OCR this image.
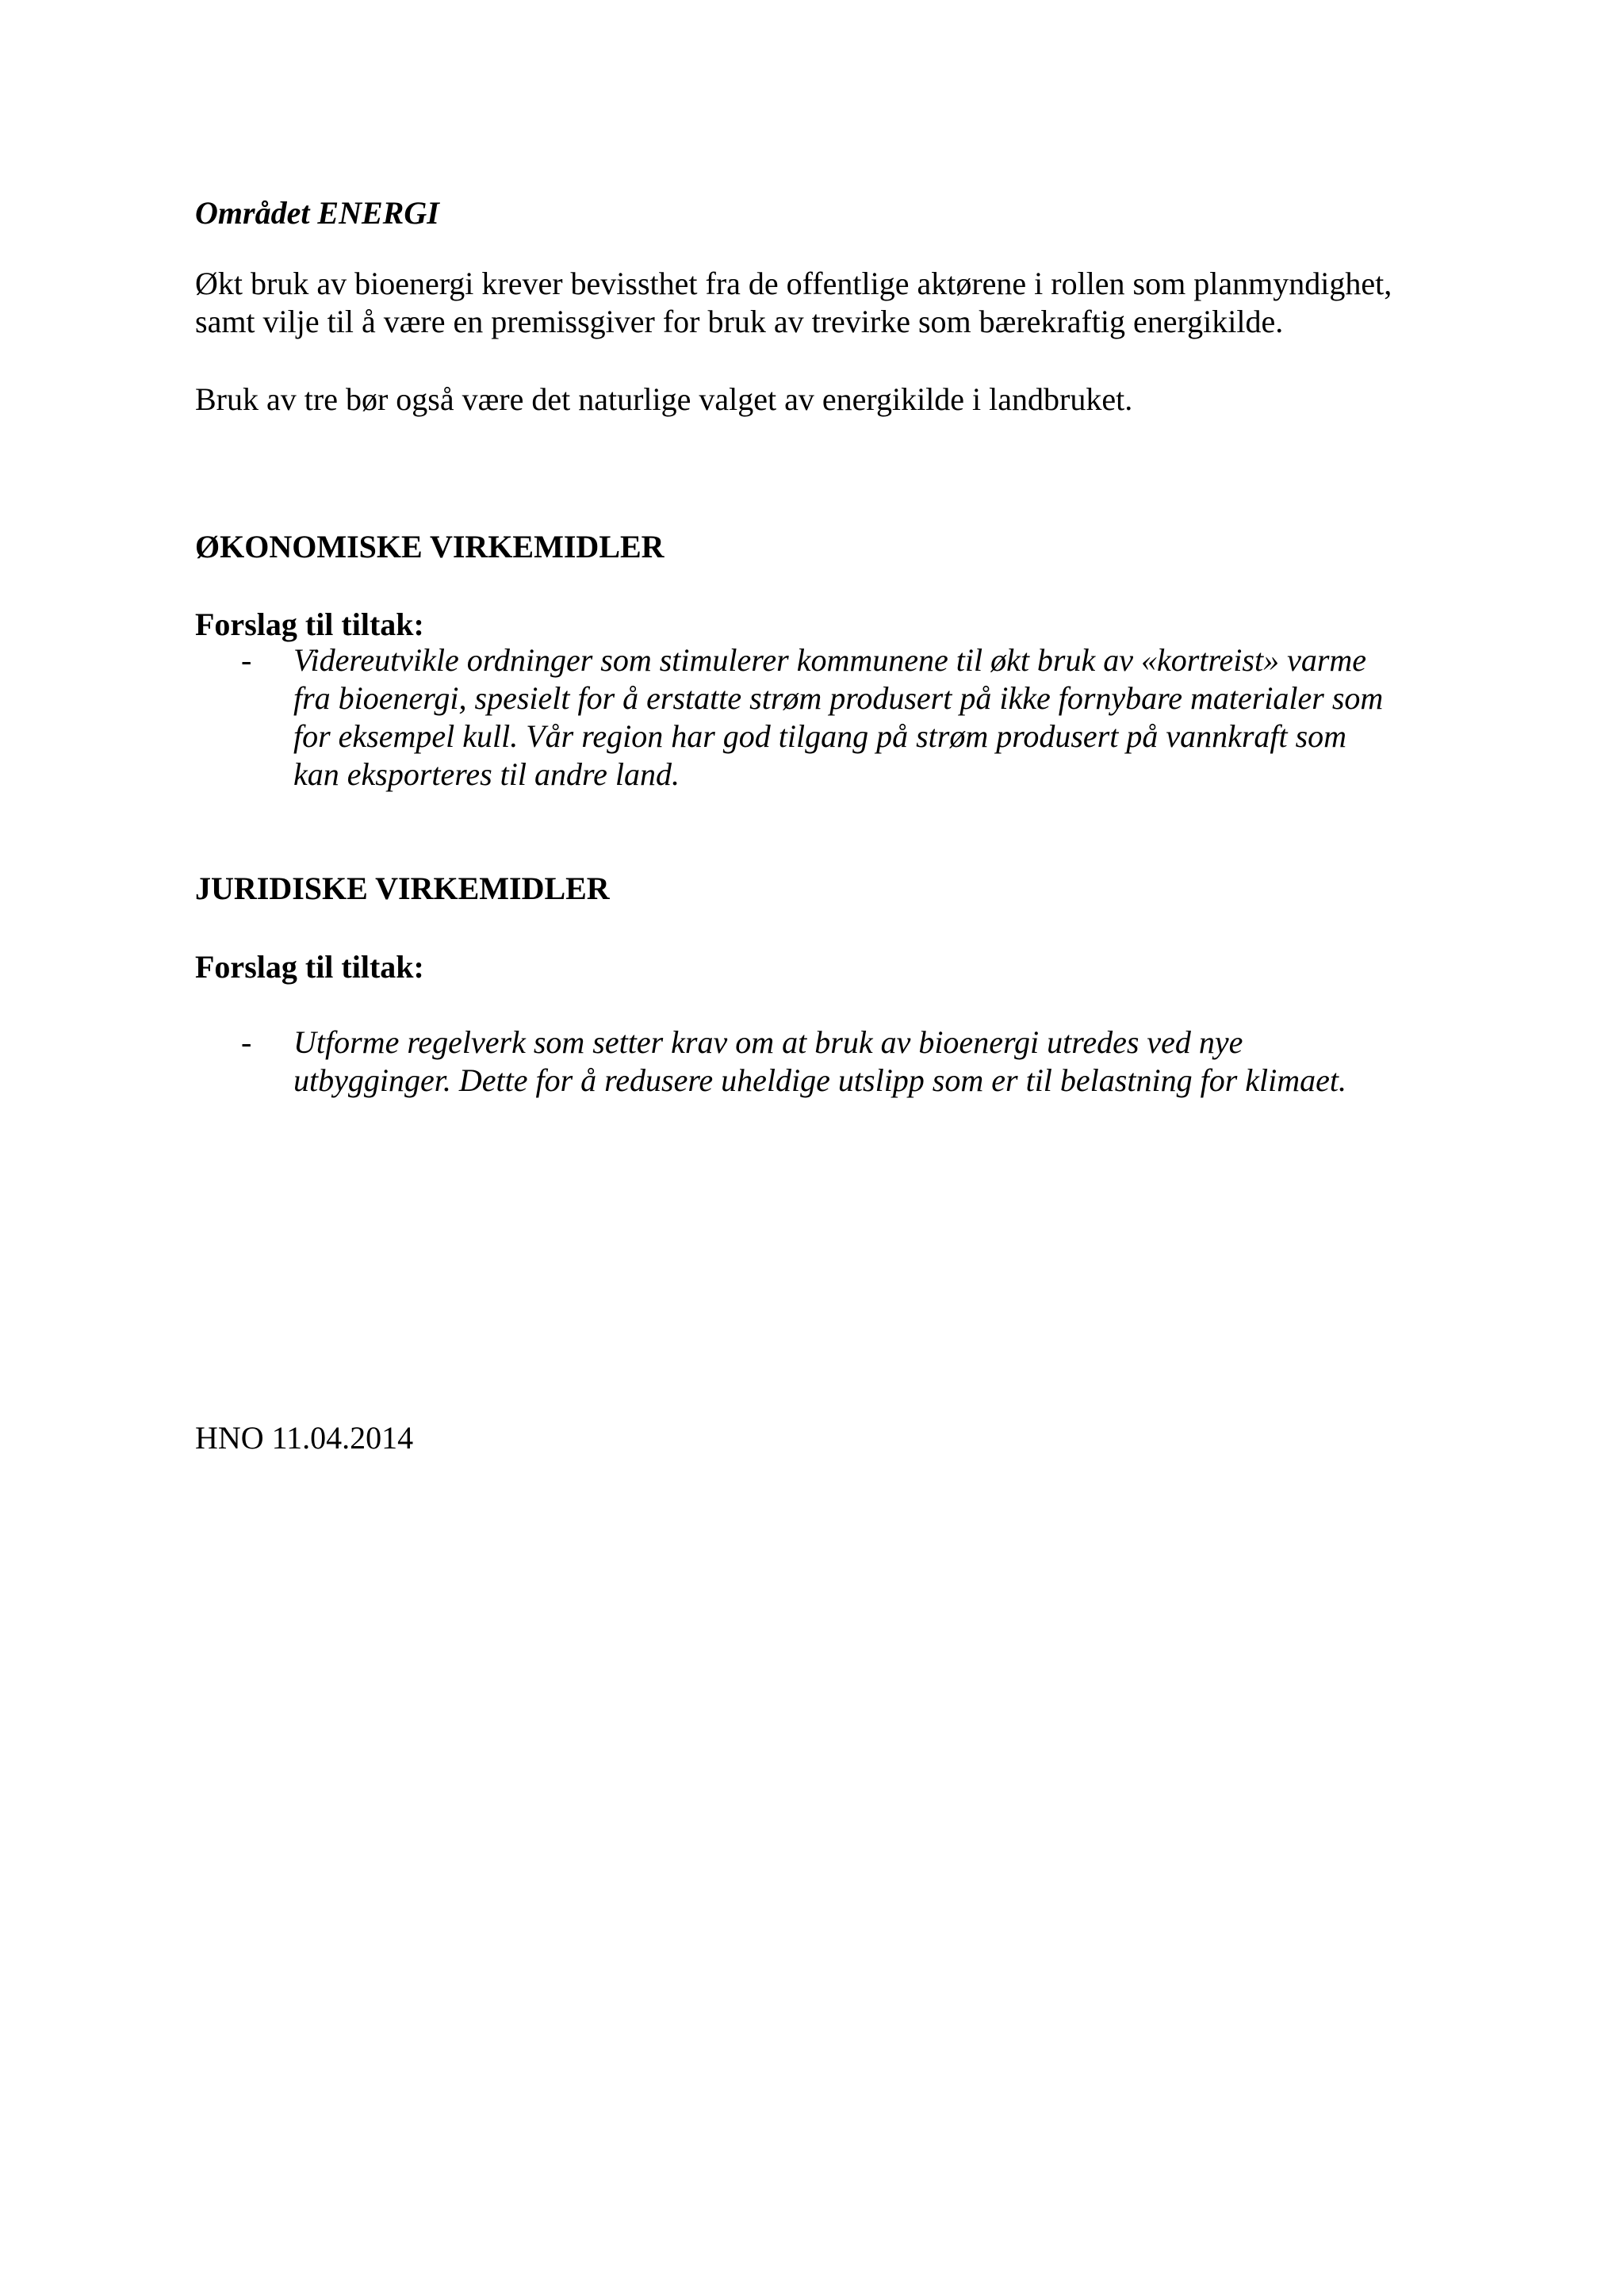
Området ENERGI

Økt bruk av bioenergi krever bevissthet fra de offentlige aktørene i rollen som planmyndighet,
samt vilje til å være en premissgiver for bruk av trevirke som bærekraftig energikilde.

Bruk av tre bør også være det naturlige valget av energikilde i landbruket.

ØKONOMISKE VIRKEMIDLER

Forslag til tiltak:

- Videreutvikle ordninger som stimulerer kommunene til økt bruk av «kortreist» varme
fra bioenergi, spesielt for å erstatte strøm produsert på ikke fornybare materialer som
for eksempel kull. Vår region har god tilgang på strøm produsert på vannkraft som
kan eksporteres til andre land.

JURIDISKE VIRKEMIDLER

Forslag til tiltak:

- Utforme regelverk som setter krav om at bruk av bioenergi utredes ved nye
utbygginger. Dette for å redusere uheldige utslipp som er til belastning for klimaet.

HNO 11.04.2014
